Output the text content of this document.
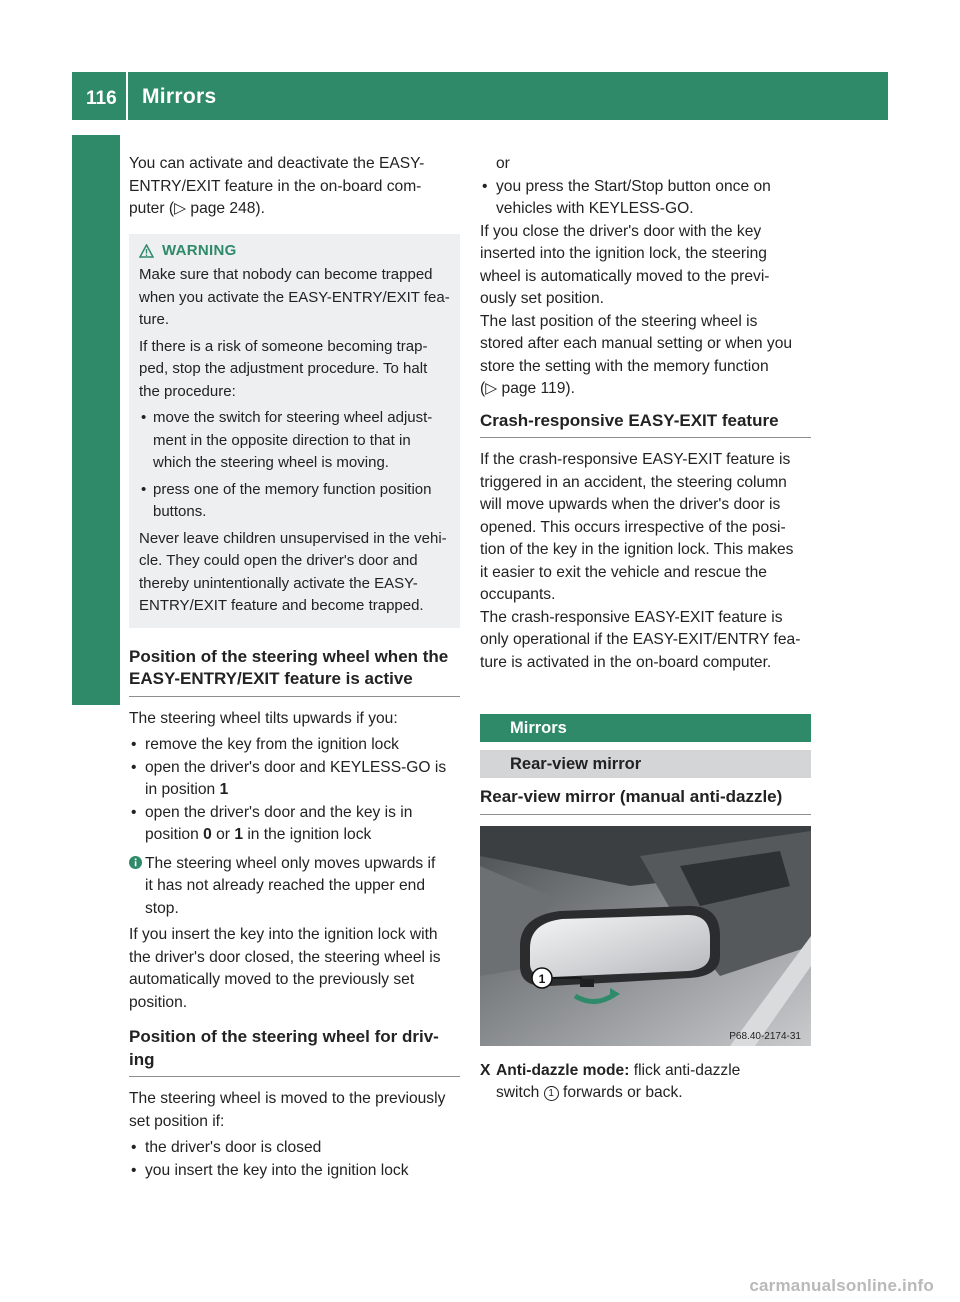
116 Mirrors
Seats, steering wheel and mirrors

You can activate and deactivate the EASY-
ENTRY/EXIT feature in the on-board com-
puter (▷ page 248).

WARNING

Make sure that nobody can become trapped
when you activate the EASY-ENTRY/EXIT fea-
ture.

If there is a risk of someone becoming trap-
ped, stop the adjustment procedure. To halt
the procedure:

• move the switch for steering wheel adjust-
ment in the opposite direction to that in
which the steering wheel is moving.
• press one of the memory function position
buttons.

Never leave children unsupervised in the vehi-
cle. They could open the driver's door and
thereby unintentionally activate the EASY-
ENTRY/EXIT feature and become trapped.

Position of the steering wheel when the
EASY-ENTRY/EXIT feature is active

The steering wheel tilts upwards if you:

• remove the key from the ignition lock
• open the driver's door and KEYLESS-GO is
in position 1
• open the driver's door and the key is in
position 0 or 1 in the ignition lock
The steering wheel only moves upwards if
it has not already reached the upper end
stop.

If you insert the key into the ignition lock with
the driver's door closed, the steering wheel is
automatically moved to the previously set
position.

Position of the steering wheel for driv-
ing

The steering wheel is moved to the previously
set position if:

• the driver's door is closed
• you insert the key into the ignition lock

or

• you press the Start/Stop button once on
vehicles with KEYLESS-GO.

If you close the driver's door with the key
inserted into the ignition lock, the steering
wheel is automatically moved to the previ-
ously set position.

The last position of the steering wheel is
stored after each manual setting or when you
store the setting with the memory function
(▷ page 119).

Crash-responsive EASY-EXIT feature

If the crash-responsive EASY-EXIT feature is
triggered in an accident, the steering column
will move upwards when the driver's door is
opened. This occurs irrespective of the posi-
tion of the key in the ignition lock. This makes
it easier to exit the vehicle and rescue the
occupants.

The crash-responsive EASY-EXIT feature is
only operational if the EASY-EXIT/ENTRY fea-
ture is activated in the on-board computer.

Mirrors
Rear-view mirror
Rear-view mirror (manual anti-dazzle)
1
P68.40-2174-31
X Anti-dazzle mode: flick anti-dazzle
switch 1 forwards or back.
carmanualsonline.info
